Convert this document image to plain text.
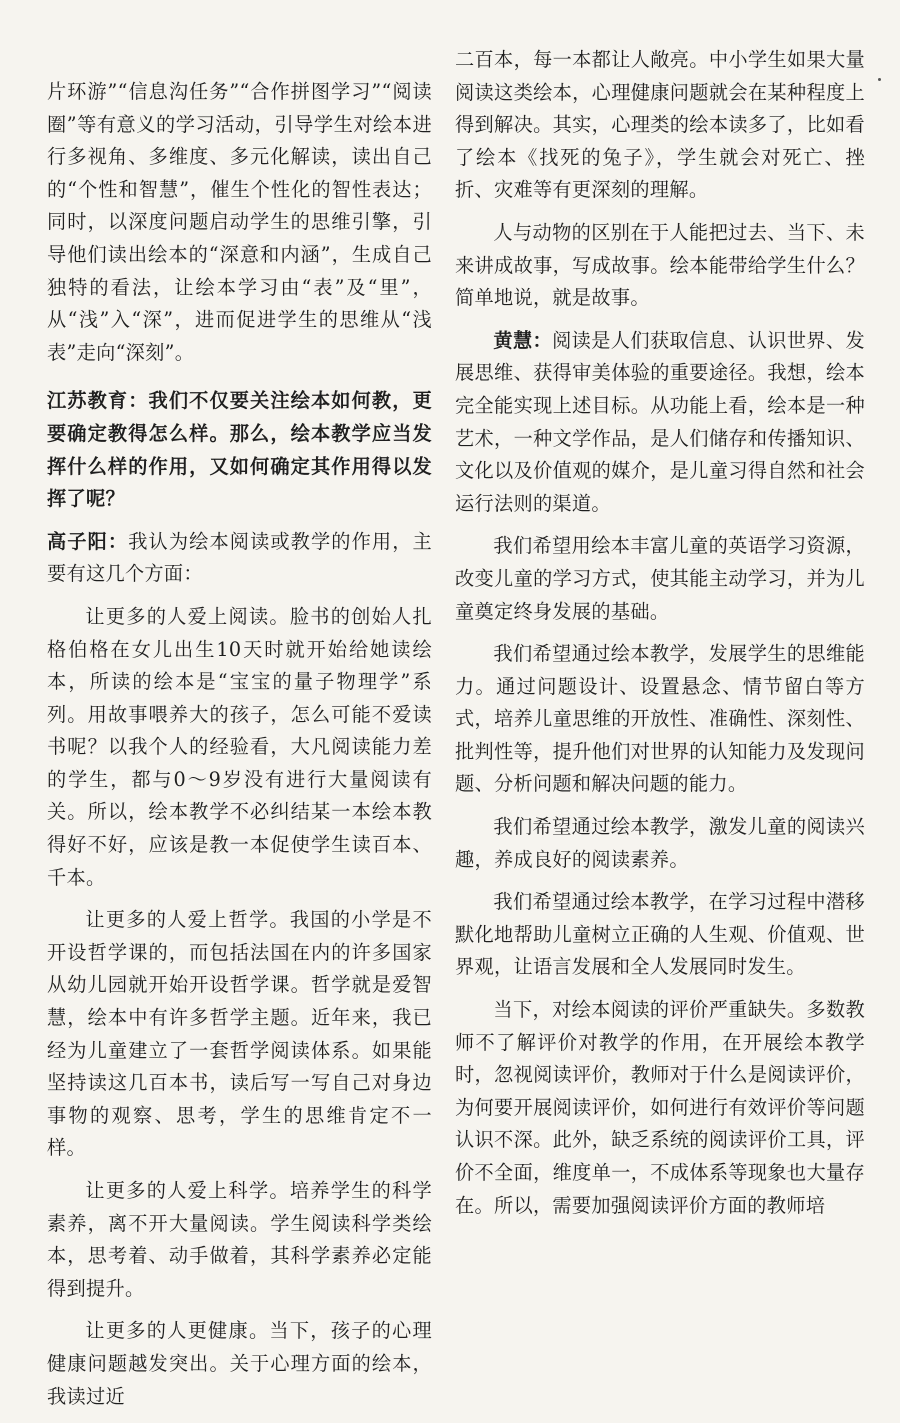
片环游”“信息沟任务”“合作拼图学习”“阅读圈”等有意义的学习活动，引导学生对绘本进行多视角、多维度、多元化解读，读出自己的“个性和智慧”，催生个性化的智性表达；同时，以深度问题启动学生的思维引擎，引导他们读出绘本的“深意和内涵”，生成自己独特的看法，让绘本学习由“表”及“里”，从“浅”入“深”，进而促进学生的思维从“浅表”走向“深刻”。

江苏教育：我们不仅要关注绘本如何教，更要确定教得怎么样。那么，绘本教学应当发挥什么样的作用，又如何确定其作用得以发挥了呢？

高子阳：我认为绘本阅读或教学的作用，主要有这几个方面：

让更多的人爱上阅读。脸书的创始人扎格伯格在女儿出生10天时就开始给她读绘本，所读的绘本是“宝宝的量子物理学”系列。用故事喂养大的孩子，怎么可能不爱读书呢？以我个人的经验看，大凡阅读能力差的学生，都与0～9岁没有进行大量阅读有关。所以，绘本教学不必纠结某一本绘本教得好不好，应该是教一本促使学生读百本、千本。

让更多的人爱上哲学。我国的小学是不开设哲学课的，而包括法国在内的许多国家从幼儿园就开始开设哲学课。哲学就是爱智慧，绘本中有许多哲学主题。近年来，我已经为儿童建立了一套哲学阅读体系。如果能坚持读这几百本书，读后写一写自己对身边事物的观察、思考，学生的思维肯定不一样。

让更多的人爱上科学。培养学生的科学素养，离不开大量阅读。学生阅读科学类绘本，思考着、动手做着，其科学素养必定能得到提升。

让更多的人更健康。当下，孩子的心理健康问题越发突出。关于心理方面的绘本，我读过近

二百本，每一本都让人敞亮。中小学生如果大量阅读这类绘本，心理健康问题就会在某种程度上得到解决。其实，心理类的绘本读多了，比如看了绘本《找死的兔子》，学生就会对死亡、挫折、灾难等有更深刻的理解。

人与动物的区别在于人能把过去、当下、未来讲成故事，写成故事。绘本能带给学生什么？简单地说，就是故事。

黄慧：阅读是人们获取信息、认识世界、发展思维、获得审美体验的重要途径。我想，绘本完全能实现上述目标。从功能上看，绘本是一种艺术，一种文学作品，是人们储存和传播知识、文化以及价值观的媒介，是儿童习得自然和社会运行法则的渠道。

我们希望用绘本丰富儿童的英语学习资源，改变儿童的学习方式，使其能主动学习，并为儿童奠定终身发展的基础。

我们希望通过绘本教学，发展学生的思维能力。通过问题设计、设置悬念、情节留白等方式，培养儿童思维的开放性、准确性、深刻性、批判性等，提升他们对世界的认知能力及发现问题、分析问题和解决问题的能力。

我们希望通过绘本教学，激发儿童的阅读兴趣，养成良好的阅读素养。

我们希望通过绘本教学，在学习过程中潜移默化地帮助儿童树立正确的人生观、价值观、世界观，让语言发展和全人发展同时发生。

当下，对绘本阅读的评价严重缺失。多数教师不了解评价对教学的作用，在开展绘本教学时，忽视阅读评价，教师对于什么是阅读评价，为何要开展阅读评价，如何进行有效评价等问题认识不深。此外，缺乏系统的阅读评价工具，评价不全面，维度单一，不成体系等现象也大量存在。所以，需要加强阅读评价方面的教师培
